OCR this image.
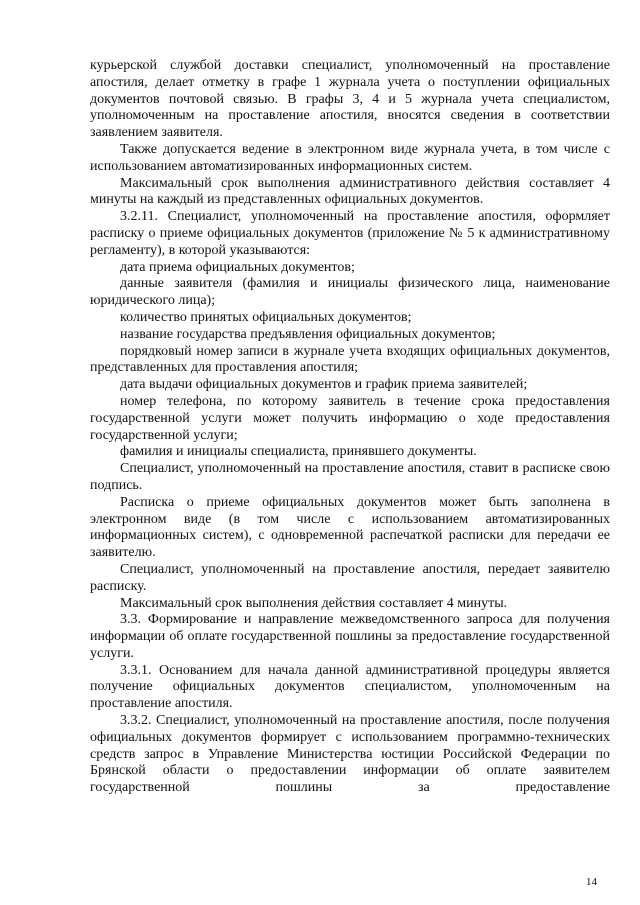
курьерской службой доставки специалист, уполномоченный на проставление апостиля, делает отметку в графе 1 журнала учета о поступлении официальных документов почтовой связью. В графы 3, 4 и 5 журнала учета специалистом, уполномоченным на проставление апостиля, вносятся сведения в соответствии заявлением заявителя.

Также допускается ведение в электронном виде журнала учета, в том числе с использованием автоматизированных информационных систем.

Максимальный срок выполнения административного действия составляет 4 минуты на каждый из представленных официальных документов.

3.2.11. Специалист, уполномоченный на проставление апостиля, оформляет расписку о приеме официальных документов (приложение № 5 к административному регламенту), в которой указываются:

дата приема официальных документов;

данные заявителя (фамилия и инициалы физического лица, наименование юридического лица);

количество принятых официальных документов;

название государства предъявления официальных документов;

порядковый номер записи в журнале учета входящих официальных документов, представленных для проставления апостиля;

дата выдачи официальных документов и график приема заявителей;

номер телефона, по которому заявитель в течение срока предоставления государственной услуги может получить информацию о ходе предоставления государственной услуги;

фамилия и инициалы специалиста, принявшего документы.

Специалист, уполномоченный на проставление апостиля, ставит в расписке свою подпись.

Расписка о приеме официальных документов может быть заполнена в электронном виде (в том числе с использованием автоматизированных информационных систем), с одновременной распечаткой расписки для передачи ее заявителю.

Специалист, уполномоченный на проставление апостиля, передает заявителю расписку.

Максимальный срок выполнения действия составляет 4 минуты.

3.3. Формирование и направление межведомственного запроса для получения информации об оплате государственной пошлины за предоставление государственной услуги.

3.3.1. Основанием для начала данной административной процедуры является получение официальных документов специалистом, уполномоченным на проставление апостиля.

3.3.2. Специалист, уполномоченный на проставление апостиля, после получения официальных документов формирует с использованием программно-технических средств запрос в Управление Министерства юстиции Российской Федерации по Брянской области о предоставлении информации об оплате заявителем государственной пошлины за предоставление

14
